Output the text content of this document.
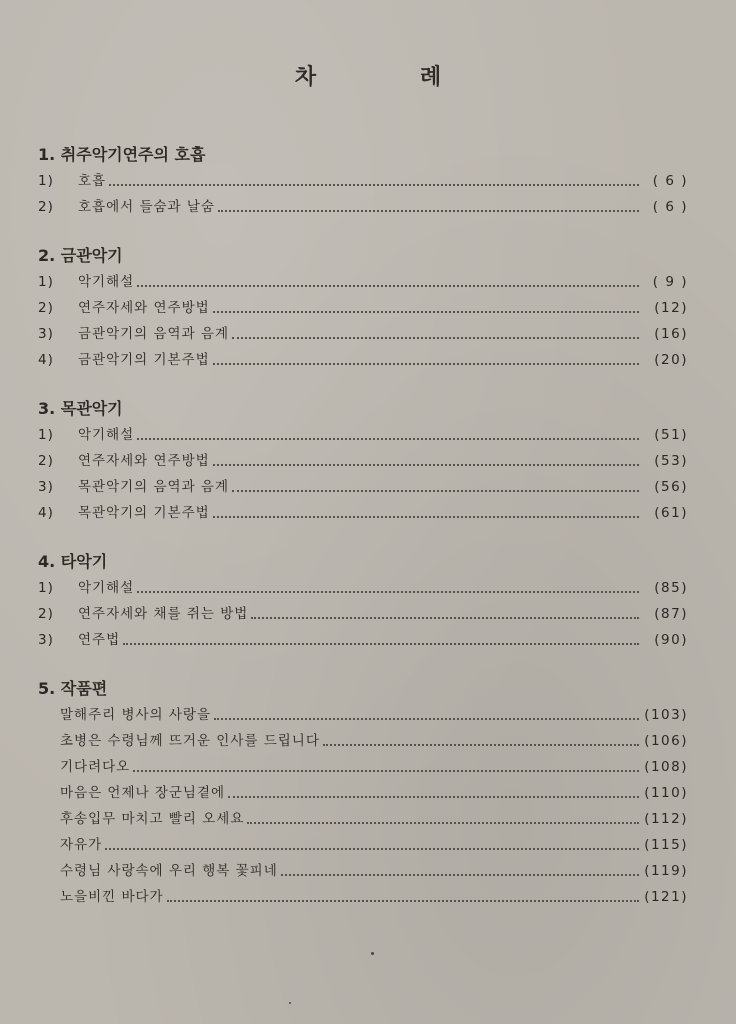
차 례
1. 취주악기연주의 호흡
1)	호흡	( 6 )
2)	호흡에서 들숨과 날숨	( 6 )
2. 금관악기
1)	악기해설	( 9 )
2)	연주자세와 연주방법	(12)
3)	금관악기의 음역과 음계	(16)
4)	금관악기의 기본주법	(20)
3. 목관악기
1)	악기해설	(51)
2)	연주자세와 연주방법	(53)
3)	목관악기의 음역과 음계	(56)
4)	목관악기의 기본주법	(61)
4. 타악기
1)	악기해설	(85)
2)	연주자세와 채를 쥐는 방법	(87)
3)	연주법	(90)
5. 작품편
말해주리 병사의 사랑을	(103)
초병은 수령님께 뜨거운 인사를 드립니다	(106)
기다려다오	(108)
마음은 언제나 장군님곁에	(110)
후송입무 마치고 빨리 오세요	(112)
자유가	(115)
수령님 사랑속에 우리 행복 꽃피네	(119)
노을비낀 바다가	(121)
